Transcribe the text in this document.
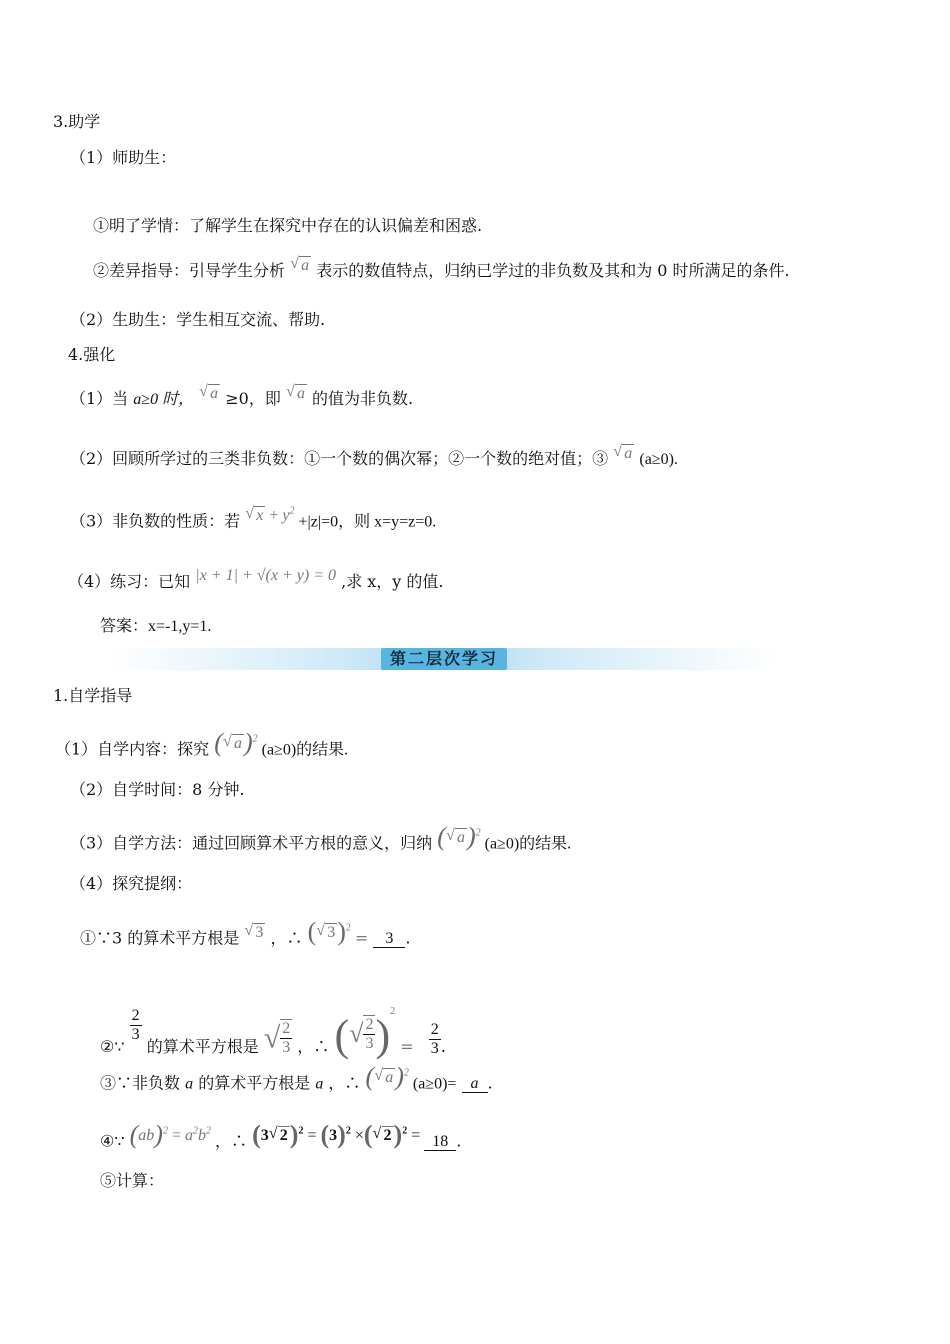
3.助学
（1）师助生：
①明了学情：了解学生在探究中存在的认识偏差和困惑.
②差异指导：引导学生分析 √ a 表示的数值特点，归纳已学过的非负数及其和为 0 时所满足的条件.
（2）生助生：学生相互交流、帮助.
4.强化
（1）当 a≥0 时， √ a ≥0，即 √ a 的值为非负数.
（2）回顾所学过的三类非负数：①一个数的偶次幂；②一个数的绝对值；③ √ a (a≥0).
（3）非负数的性质：若 √ $x + y^2 +|z|=0$，则 x=y=z=0.
（4）练习：已知 |x + 1| + √(x + y) = 0 ,求 x，y 的值.
答案：x=-1,y=1.
第二层次学习
1.自学指导
（1）自学内容：探究 ( √ a)$^2$ (a≥0)的结果.
（2）自学时间：8 分钟.
（3）自学方法：通过回顾算术平方根的意义，归纳 ( √ a)$^2$ (a≥0)的结果.
（4）探究提纲：
①∵3 的算术平方根是 √ 3 ，∴ ( √ 3)$^2$ = 3 .
②∵
$\frac{2}{3}$
的算术平方根是 √ $\frac{2}{3}$ ，∴ (√ $\frac{2}{3} )^2 = \frac{2}{3}$ .
③∵非负数 a 的算术平方根是 a ，∴ ( √ a)$^2$ (a≥0)= a .
④∵ $(ab)^2 = a^2b^2$ ，∴ (3 √ $2)^2 = (3)^2$ ×( √ 2)$^2$ = 18 .
⑤计算：
